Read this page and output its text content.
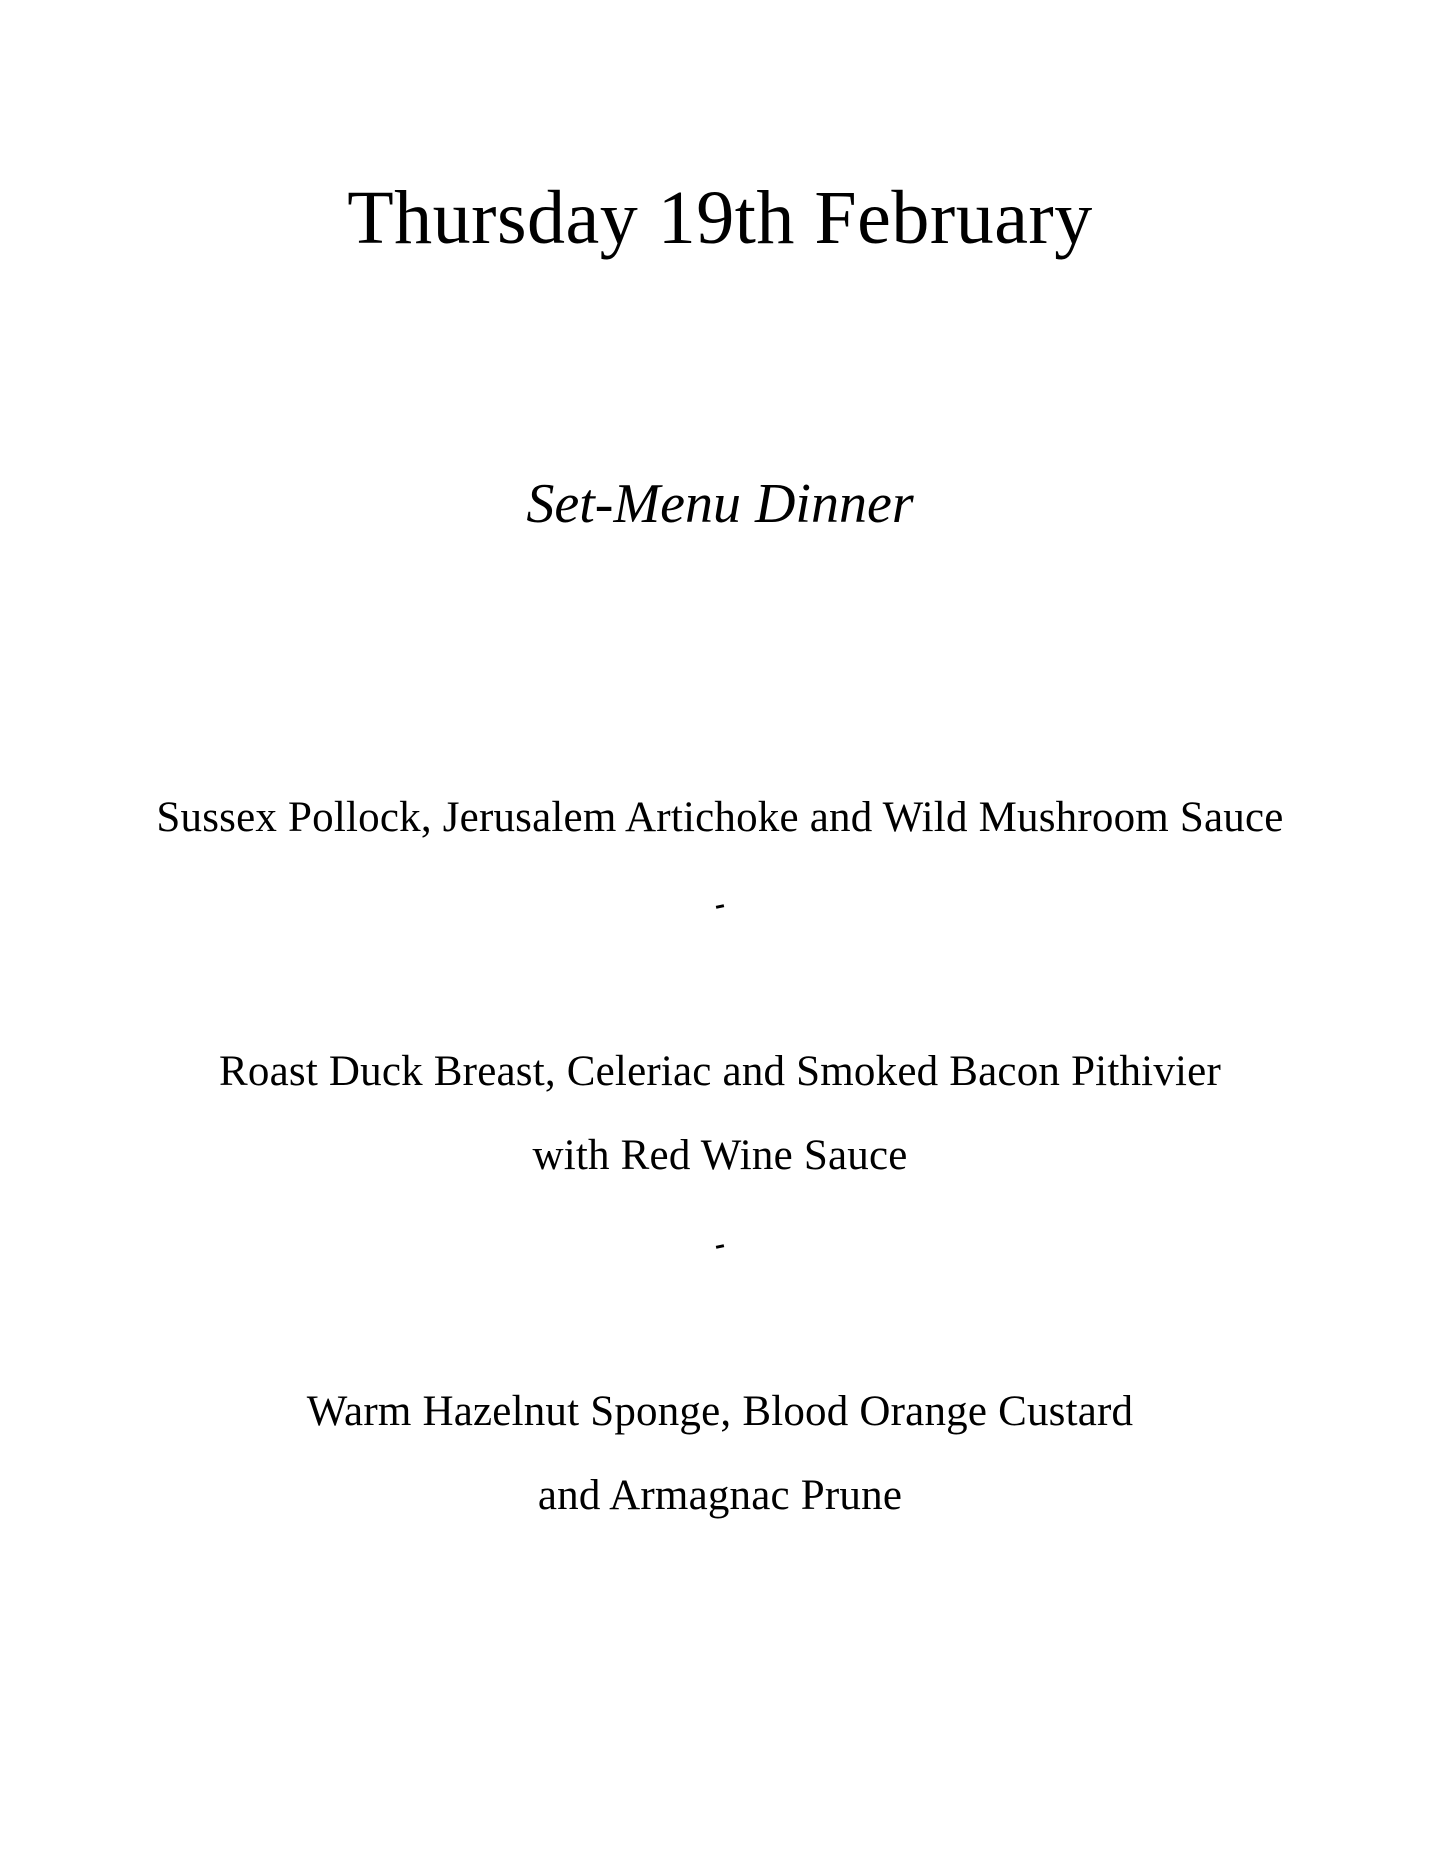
Thursday 19th February
Set-Menu Dinner
Sussex Pollock, Jerusalem Artichoke and Wild Mushroom Sauce
Roast Duck Breast, Celeriac and Smoked Bacon Pithivier
with Red Wine Sauce
Warm Hazelnut Sponge, Blood Orange Custard
and Armagnac Prune
